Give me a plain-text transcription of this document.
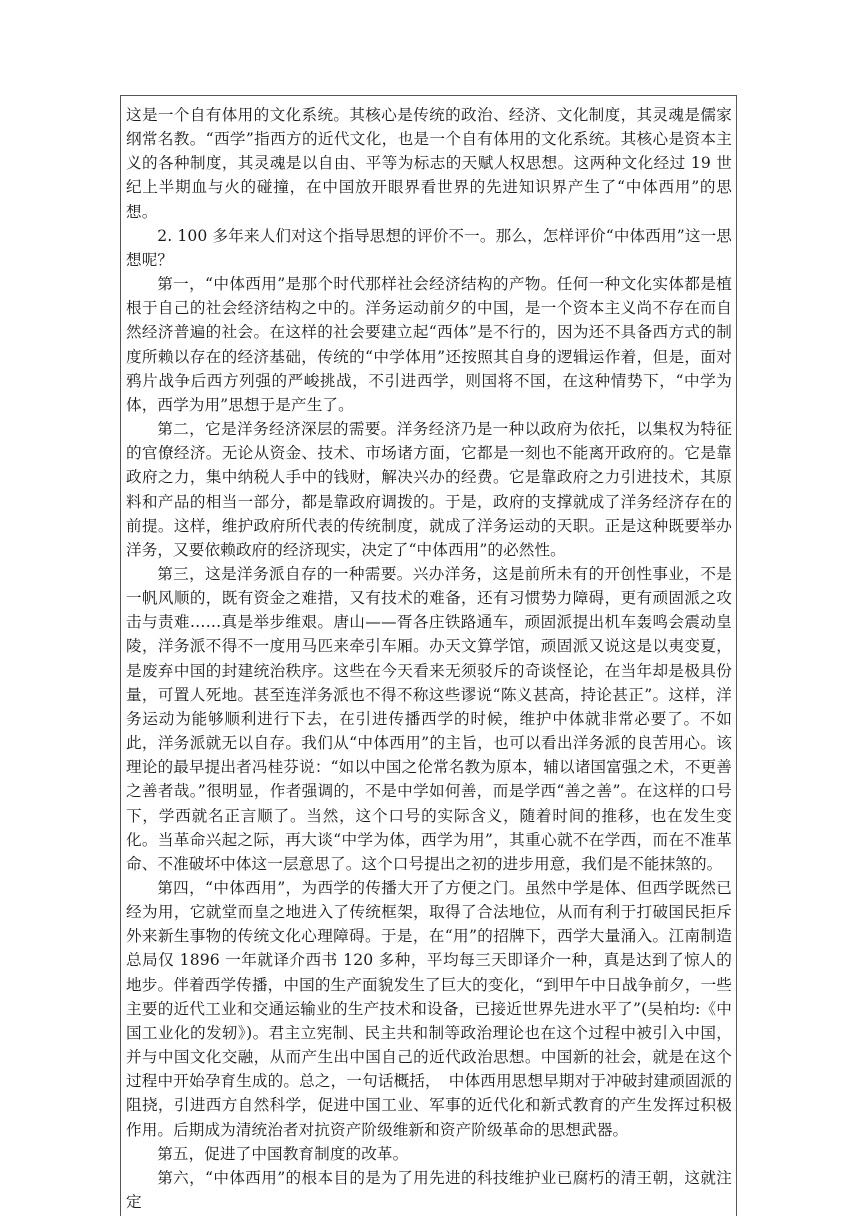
这是一个自有体用的文化系统。其核心是传统的政治、经济、文化制度，其灵魂是儒家纲常名教。“西学”指西方的近代文化，也是一个自有体用的文化系统。其核心是资本主义的各种制度，其灵魂是以自由、平等为标志的天赋人权思想。这两种文化经过 19 世纪上半期血与火的碰撞，在中国放开眼界看世界的先进知识界产生了“中体西用”的思想。

2. 100 多年来人们对这个指导思想的评价不一。那么，怎样评价“中体西用”这一思想呢？

第一，“中体西用”是那个时代那样社会经济结构的产物。任何一种文化实体都是植根于自己的社会经济结构之中的。洋务运动前夕的中国，是一个资本主义尚不存在而自然经济普遍的社会。在这样的社会要建立起“西体”是不行的，因为还不具备西方式的制度所赖以存在的经济基础，传统的“中学体用”还按照其自身的逻辑运作着，但是，面对鸦片战争后西方列强的严峻挑战，不引进西学，则国将不国，在这种情势下，“中学为体，西学为用”思想于是产生了。

第二，它是洋务经济深层的需要。洋务经济乃是一种以政府为依托，以集权为特征的官僚经济。无论从资金、技术、市场诸方面，它都是一刻也不能离开政府的。它是靠政府之力，集中纳税人手中的钱财，解决兴办的经费。它是靠政府之力引进技术，其原料和产品的相当一部分，都是靠政府调拨的。于是，政府的支撑就成了洋务经济存在的前提。这样，维护政府所代表的传统制度，就成了洋务运动的天职。正是这种既要举办洋务，又要依赖政府的经济现实，决定了“中体西用”的必然性。

第三，这是洋务派自存的一种需要。兴办洋务，这是前所未有的开创性事业，不是一帆风顺的，既有资金之难措，又有技术的难备，还有习惯势力障碍，更有顽固派之攻击与责难……真是举步维艰。唐山——胥各庄铁路通车，顽固派提出机车轰鸣会震动皇陵，洋务派不得不一度用马匹来牵引车厢。办天文算学馆，顽固派又说这是以夷变夏，是废弃中国的封建统治秩序。这些在今天看来无须驳斥的奇谈怪论，在当年却是极具份量，可置人死地。甚至连洋务派也不得不称这些谬说“陈义甚高，持论甚正”。这样，洋务运动为能够顺利进行下去，在引进传播西学的时候，维护中体就非常必要了。不如此，洋务派就无以自存。我们从“中体西用”的主旨，也可以看出洋务派的良苦用心。该理论的最早提出者冯桂芬说：“如以中国之伦常名教为原本，辅以诸国富强之术，不更善之善者哉。”很明显，作者强调的，不是中学如何善，而是学西“善之善”。在这样的口号下，学西就名正言顺了。当然，这个口号的实际含义，随着时间的推移，也在发生变化。当革命兴起之际，再大谈“中学为体，西学为用”，其重心就不在学西，而在不准革命、不准破坏中体这一层意思了。这个口号提出之初的进步用意，我们是不能抹煞的。

第四，“中体西用”，为西学的传播大开了方便之门。虽然中学是体、但西学既然已经为用，它就堂而皇之地进入了传统框架，取得了合法地位，从而有利于打破国民拒斥外来新生事物的传统文化心理障碍。于是，在“用”的招牌下，西学大量涌入。江南制造总局仅 1896 一年就译介西书 120 多种，平均每三天即译介一种，真是达到了惊人的地步。伴着西学传播，中国的生产面貌发生了巨大的变化，“到甲午中日战争前夕，一些主要的近代工业和交通运输业的生产技术和设备，已接近世界先进水平了”(吴柏均:《中国工业化的发轫》)。君主立宪制、民主共和制等政治理论也在这个过程中被引入中国，并与中国文化交融，从而产生出中国自己的近代政治思想。中国新的社会，就是在这个过程中开始孕育生成的。总之，一句话概括，　中体西用思想早期对于冲破封建顽固派的阻挠，引进西方自然科学，促进中国工业、军事的近代化和新式教育的产生发挥过积极作用。后期成为清统治者对抗资产阶级维新和资产阶级革命的思想武器。

第五，促进了中国教育制度的改革。

第六，“中体西用”的根本目的是为了用先进的科技维护业已腐朽的清王朝，这就注定
